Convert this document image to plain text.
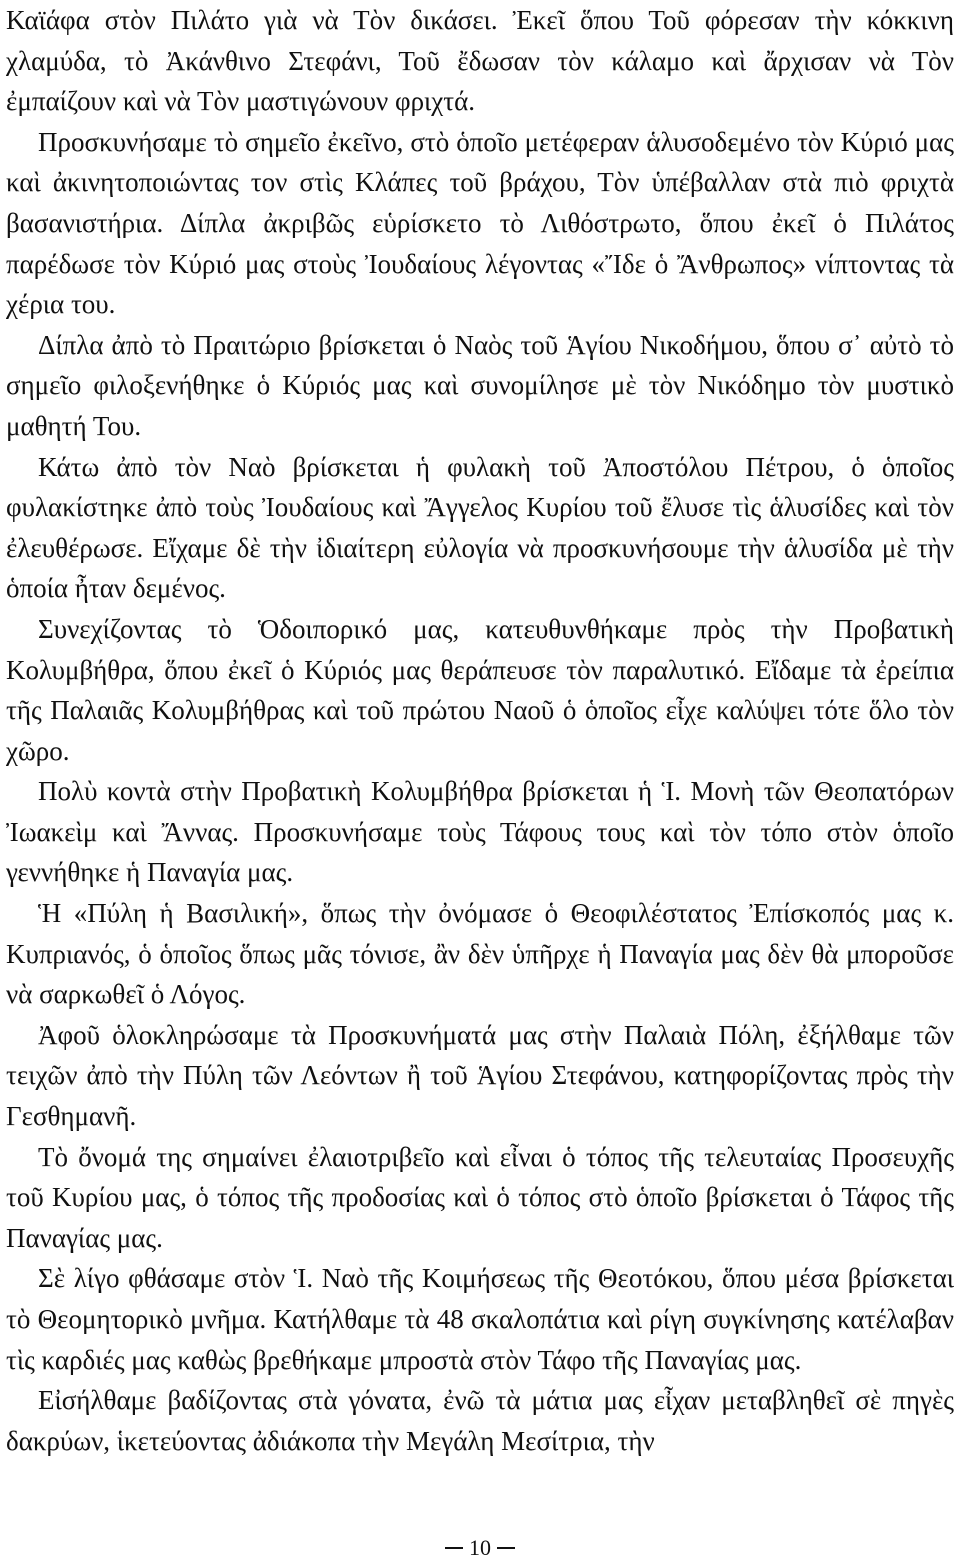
Καϊάφα στὸν Πιλάτο γιὰ νὰ Τὸν δικάσει. Ἐκεῖ ὅπου Τοῦ φόρεσαν τὴν κόκκινη χλαμύδα, τὸ Ἀκάνθινο Στεφάνι, Τοῦ ἔδωσαν τὸν κάλαμο καὶ ἄρχισαν νὰ Τὸν ἐμπαίζουν καὶ νὰ Τὸν μαστιγώνουν φριχτά.

Προσκυνήσαμε τὸ σημεῖο ἐκεῖνο, στὸ ὁποῖο μετέφεραν ἁλυσοδεμένο τὸν Κύριό μας καὶ ἀκινητοποιώντας τον στὶς Κλάπες τοῦ βράχου, Τὸν ὑπέβαλλαν στὰ πιὸ φριχτὰ βασανιστήρια. Δίπλα ἀκριβῶς εὑρίσκετο τὸ Λιθόστρωτο, ὅπου ἐκεῖ ὁ Πιλάτος παρέδωσε τὸν Κύριό μας στοὺς Ἰουδαίους λέγοντας «Ἴδε ὁ Ἄνθρωπος» νίπτοντας τὰ χέρια του.

Δίπλα ἀπὸ τὸ Πραιτώριο βρίσκεται ὁ Ναὸς τοῦ Ἁγίου Νικοδήμου, ὅπου σ᾽ αὐτὸ τὸ σημεῖο φιλοξενήθηκε ὁ Κύριός μας καὶ συνομίλησε μὲ τὸν Νικόδημο τὸν μυστικὸ μαθητή Του.

Κάτω ἀπὸ τὸν Ναὸ βρίσκεται ἡ φυλακὴ τοῦ Ἀποστόλου Πέτρου, ὁ ὁποῖος φυλακίστηκε ἀπὸ τοὺς Ἰουδαίους καὶ Ἄγγελος Κυρίου τοῦ ἔλυσε τὶς ἁλυσίδες καὶ τὸν ἐλευθέρωσε. Εἴχαμε δὲ τὴν ἰδιαίτερη εὐλογία νὰ προσκυνήσουμε τὴν ἁλυσίδα μὲ τὴν ὁποία ἦταν δεμένος.

Συνεχίζοντας τὸ Ὁδοιπορικό μας, κατευθυνθήκαμε πρὸς τὴν Προβατικὴ Κολυμβήθρα, ὅπου ἐκεῖ ὁ Κύριός μας θεράπευσε τὸν παραλυτικό. Εἴδαμε τὰ ἐρείπια τῆς Παλαιᾶς Κολυμβήθρας καὶ τοῦ πρώτου Ναοῦ ὁ ὁποῖος εἶχε καλύψει τότε ὅλο τὸν χῶρο.

Πολὺ κοντὰ στὴν Προβατικὴ Κολυμβήθρα βρίσκεται ἡ Ἱ. Μονὴ τῶν Θεοπατόρων Ἰωακεὶμ καὶ Ἄννας. Προσκυνήσαμε τοὺς Τάφους τους καὶ τὸν τόπο στὸν ὁποῖο γεννήθηκε ἡ Παναγία μας.

Ἡ «Πύλη ἡ Βασιλική», ὅπως τὴν ὀνόμασε ὁ Θεοφιλέστατος Ἐπίσκοπός μας κ. Κυπριανός, ὁ ὁποῖος ὅπως μᾶς τόνισε, ἂν δὲν ὑπῆρχε ἡ Παναγία μας δὲν θὰ μποροῦσε νὰ σαρκωθεῖ ὁ Λόγος.

Ἀφοῦ ὁλοκληρώσαμε τὰ Προσκυνήματά μας στὴν Παλαιὰ Πόλη, ἐξήλθαμε τῶν τειχῶν ἀπὸ τὴν Πύλη τῶν Λεόντων ἢ τοῦ Ἁγίου Στεφάνου, κατηφορίζοντας πρὸς τὴν Γεσθημανῆ.

Τὸ ὄνομά της σημαίνει ἐλαιοτριβεῖο καὶ εἶναι ὁ τόπος τῆς τελευταίας Προσευχῆς τοῦ Κυρίου μας, ὁ τόπος τῆς προδοσίας καὶ ὁ τόπος στὸ ὁποῖο βρίσκεται ὁ Τάφος τῆς Παναγίας μας.

Σὲ λίγο φθάσαμε στὸν Ἱ. Ναὸ τῆς Κοιμήσεως τῆς Θεοτόκου, ὅπου μέσα βρίσκεται τὸ Θεομητορικὸ μνῆμα. Κατήλθαμε τὰ 48 σκαλοπάτια καὶ ρίγη συγκίνησης κατέλαβαν τὶς καρδιές μας καθὼς βρεθήκαμε μπροστὰ στὸν Τάφο τῆς Παναγίας μας.

Εἰσήλθαμε βαδίζοντας στὰ γόνατα, ἐνῶ τὰ μάτια μας εἶχαν μεταβληθεῖ σὲ πηγὲς δακρύων, ἱκετεύοντας ἀδιάκοπα τὴν Μεγάλη Μεσίτρια, τὴν

10
